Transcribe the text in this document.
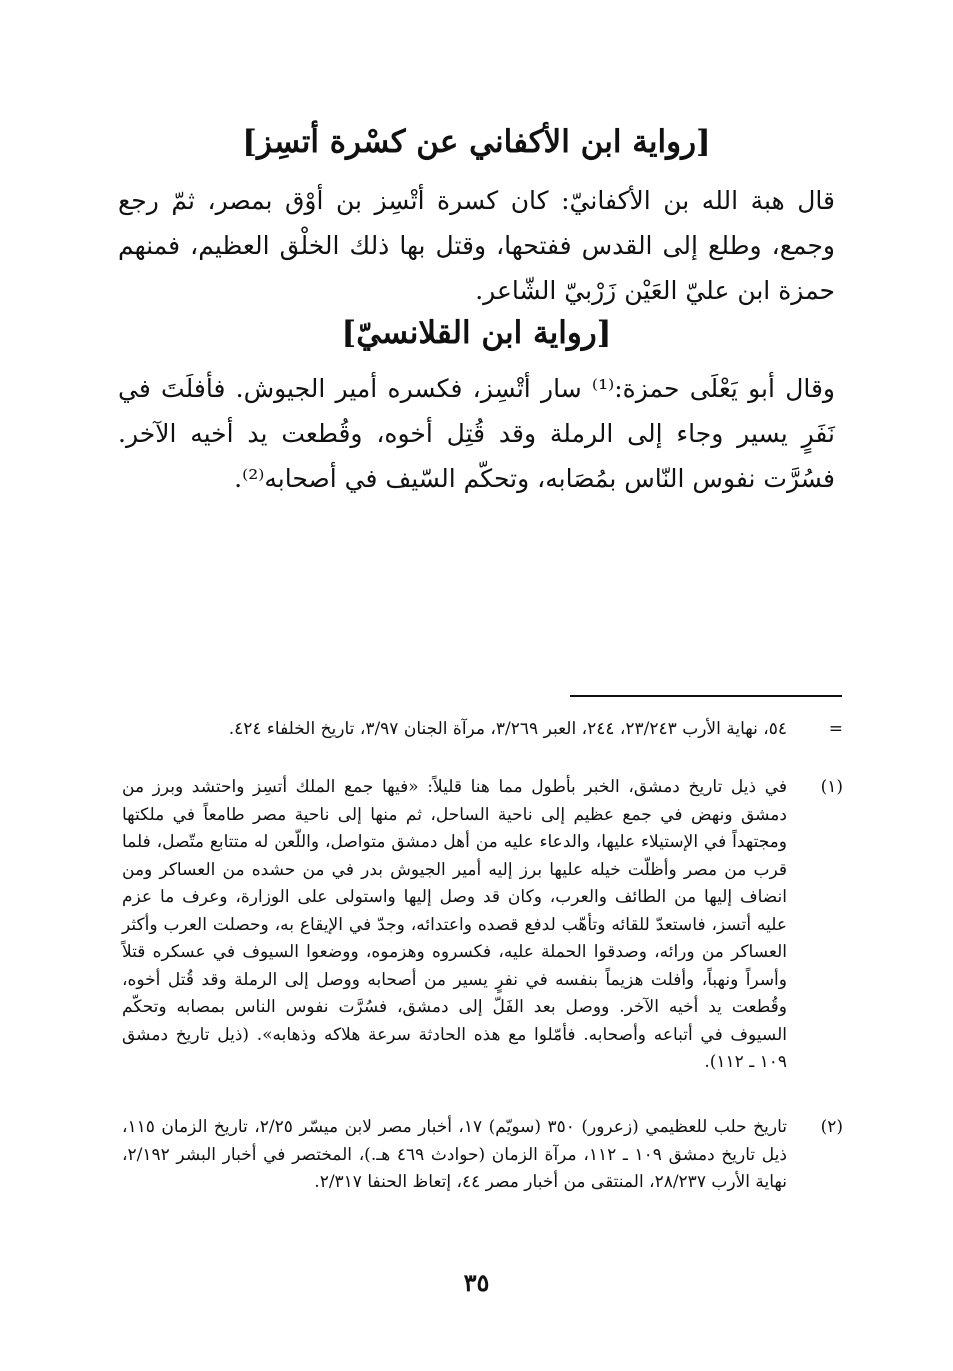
[رواية ابن الأكفاني عن كسْرة أتسِز]
قال هبة الله بن الأكفانيّ: كان كسرة أتْسِز بن أوْق بمصر، ثمّ رجع وجمع، وطلع إلى القدس ففتحها، وقتل بها ذلك الخلْق العظيم، فمنهم حمزة ابن عليّ العَيْن زَرْبيّ الشّاعر.
[رواية ابن القلانسيّ]
وقال أبو يَعْلَى حمزة:⁽¹⁾ سار أتْسِز، فكسره أمير الجيوش. فأفلَتَ في نَفَرٍ يسير وجاء إلى الرملة وقد قُتِل أخوه، وقُطعت يد أخيه الآخر. فسُرَّت نفوس النّاس بمُصَابه، وتحكّم السّيف في أصحابه⁽²⁾.
=
٥٤، نهاية الأرب ٢٣/٢٤٣، ٢٤٤، العبر ٣/٢٦٩، مرآة الجنان ٣/٩٧، تاريخ الخلفاء ٤٢٤.
(١)
في ذيل تاريخ دمشق، الخبر بأطول مما هنا قليلاً: «فيها جمع الملك أتسِز واحتشد وبرز من دمشق ونهض في جمع عظيم إلى ناحية الساحل، ثم منها إلى ناحية مصر طامعاً في ملكتها ومجتهداً في الإستيلاء عليها، والدعاء عليه من أهل دمشق متواصل، واللّعن له متتابع متّصل، فلما قرب من مصر وأظلّت خيله عليها برز إليه أمير الجيوش بدر في من حشده من العساكر ومن انضاف إليها من الطائف والعرب، وكان قد وصل إليها واستولى على الوزارة، وعرف ما عزم عليه أتسز، فاستعدّ للقائه وتأهّب لدفع قصده واعتدائه، وجدّ في الإيقاع به، وحصلت العرب وأكثر العساكر من ورائه، وصدقوا الحملة عليه، فكسروه وهزموه، ووضعوا السيوف في عسكره قتلاً وأسراً ونهباً، وأفلت هزيماً بنفسه في نفرٍ يسير من أصحابه ووصل إلى الرملة وقد قُتل أخوه، وقُطعت يد أخيه الآخر. ووصل بعد الفَلّ إلى دمشق، فسُرَّت نفوس الناس بمصابه وتحكّم السيوف في أتباعه وأصحابه. فأمّلوا مع هذه الحادثة سرعة هلاكه وذهابه». (ذيل تاريخ دمشق ١٠٩ ـ ١١٢).
(٢)
تاريخ حلب للعظيمي (زعرور) ٣٥٠ (سويّم) ١٧، أخبار مصر لابن ميسّر ٢/٢٥، تاريخ الزمان ١١٥، ذيل تاريخ دمشق ١٠٩ ـ ١١٢، مرآة الزمان (حوادث ٤٦٩ هـ.)، المختصر في أخبار البشر ٢/١٩٢، نهاية الأرب ٢٨/٢٣٧، المنتقى من أخبار مصر ٤٤، إتعاظ الحنفا ٢/٣١٧.
٣٥
